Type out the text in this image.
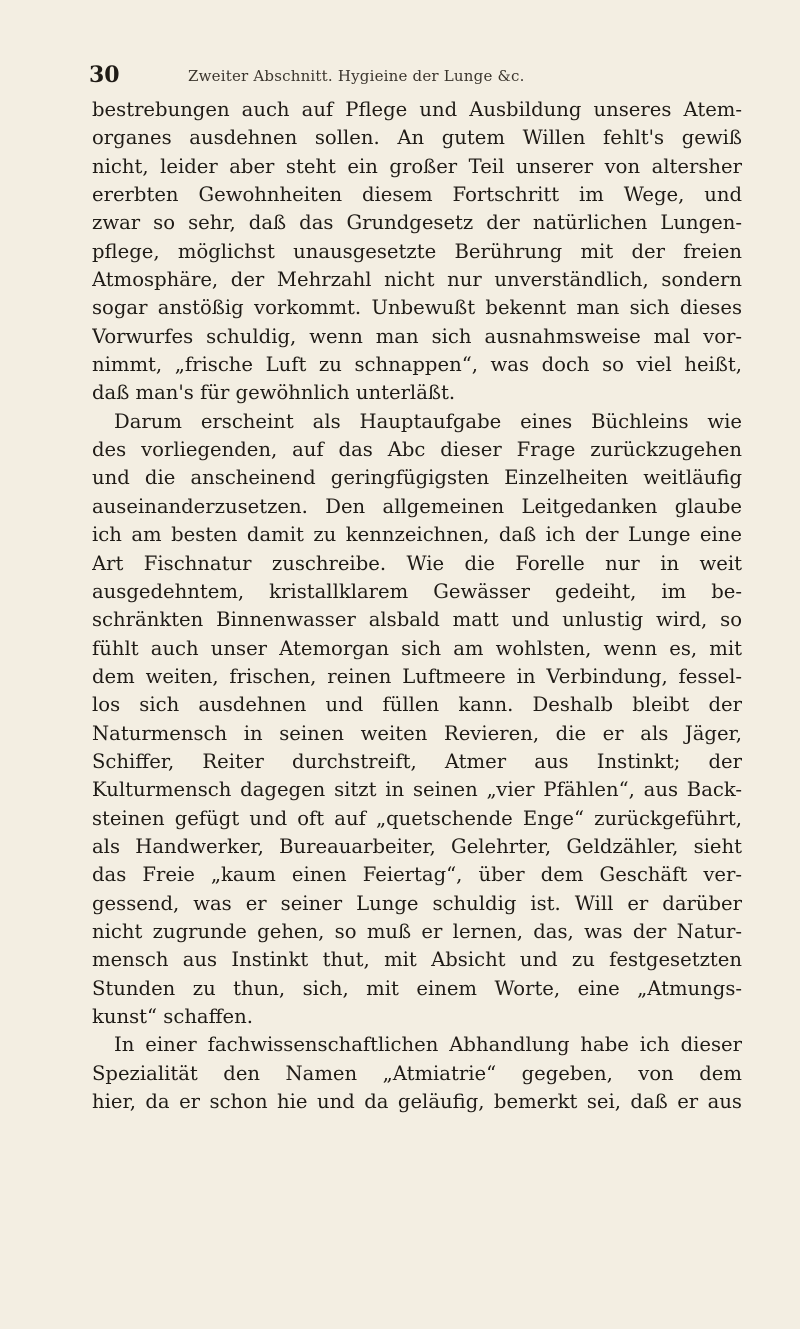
30	Zweiter Abschnitt. Hygieine der Lunge &c.
bestrebungen auch auf Pflege und Ausbildung unseres Atem-
organes ausdehnen sollen. An gutem Willen fehlt's gewiß
nicht, leider aber steht ein großer Teil unserer von altersher
ererbten Gewohnheiten diesem Fortschritt im Wege, und
zwar so sehr, daß das Grundgesetz der natürlichen Lungen-
pflege, möglichst unausgesetzte Berührung mit der freien
Atmosphäre, der Mehrzahl nicht nur unverständlich, sondern
sogar anstößig vorkommt. Unbewußt bekennt man sich dieses
Vorwurfes schuldig, wenn man sich ausnahmsweise mal vor-
nimmt, „frische Luft zu schnappen“, was doch so viel heißt,
daß man's für gewöhnlich unterläßt.
Darum erscheint als Hauptaufgabe eines Büchleins wie
des vorliegenden, auf das Abc dieser Frage zurückzugehen
und die anscheinend geringfügigsten Einzelheiten weitläufig
auseinanderzusetzen. Den allgemeinen Leitgedanken glaube
ich am besten damit zu kennzeichnen, daß ich der Lunge eine
Art Fischnatur zuschreibe. Wie die Forelle nur in weit
ausgedehntem, kristallklarem Gewässer gedeiht, im be-
schränkten Binnenwasser alsbald matt und unlustig wird, so
fühlt auch unser Atemorgan sich am wohlsten, wenn es, mit
dem weiten, frischen, reinen Luftmeere in Verbindung, fessel-
los sich ausdehnen und füllen kann. Deshalb bleibt der
Naturmensch in seinen weiten Revieren, die er als Jäger,
Schiffer, Reiter durchstreift, Atmer aus Instinkt; der
Kulturmensch dagegen sitzt in seinen „vier Pfählen“, aus Back-
steinen gefügt und oft auf „quetschende Enge“ zurückgeführt,
als Handwerker, Bureauarbeiter, Gelehrter, Geldzähler, sieht
das Freie „kaum einen Feiertag“, über dem Geschäft ver-
gessend, was er seiner Lunge schuldig ist. Will er darüber
nicht zugrunde gehen, so muß er lernen, das, was der Natur-
mensch aus Instinkt thut, mit Absicht und zu festgesetzten
Stunden zu thun, sich, mit einem Worte, eine „Atmungs-
kunst“ schaffen.
In einer fachwissenschaftlichen Abhandlung habe ich dieser
Spezialität den Namen „Atmiatrie“ gegeben, von dem
hier, da er schon hie und da geläufig, bemerkt sei, daß er aus
